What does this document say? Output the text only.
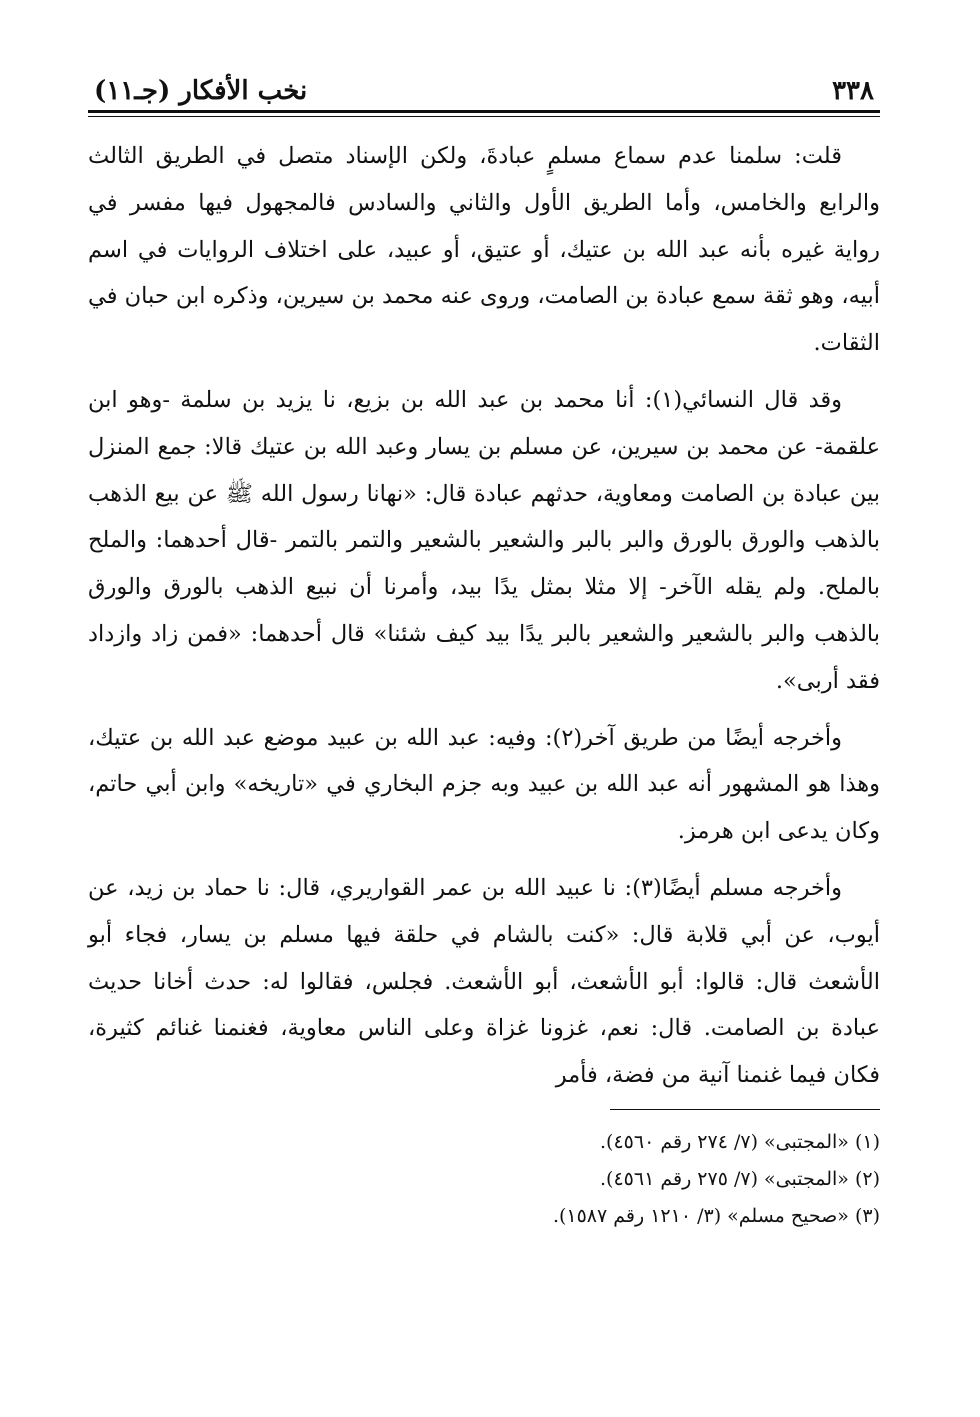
٣٣٨
نخب الأفكار (جـ١١)

قلت: سلمنا عدم سماع مسلمٍ عبادةَ، ولكن الإسناد متصل في الطريق الثالث والرابع والخامس، وأما الطريق الأول والثاني والسادس فالمجهول فيها مفسر في رواية غيره بأنه عبد الله بن عتيك، أو عتيق، أو عبيد، على اختلاف الروايات في اسم أبيه، وهو ثقة سمع عبادة بن الصامت، وروى عنه محمد بن سيرين، وذكره ابن حبان في الثقات.

وقد قال النسائي(١): أنا محمد بن عبد الله بن بزيع، نا يزيد بن سلمة -وهو ابن علقمة- عن محمد بن سيرين، عن مسلم بن يسار وعبد الله بن عتيك قالا: جمع المنزل بين عبادة بن الصامت ومعاوية، حدثهم عبادة قال: «نهانا رسول الله ﷺ عن بيع الذهب بالذهب والورق بالورق والبر بالبر والشعير بالشعير والتمر بالتمر -قال أحدهما: والملح بالملح. ولم يقله الآخر- إلا مثلا بمثل يدًا بيد، وأمرنا أن نبيع الذهب بالورق والورق بالذهب والبر بالشعير والشعير بالبر يدًا بيد كيف شئنا» قال أحدهما: «فمن زاد وازداد فقد أربى».

وأخرجه أيضًا من طريق آخر(٢): وفيه: عبد الله بن عبيد موضع عبد الله بن عتيك، وهذا هو المشهور أنه عبد الله بن عبيد وبه جزم البخاري في «تاريخه» وابن أبي حاتم، وكان يدعى ابن هرمز.

وأخرجه مسلم أيضًا(٣): نا عبيد الله بن عمر القواريري، قال: نا حماد بن زيد، عن أيوب، عن أبي قلابة قال: «كنت بالشام في حلقة فيها مسلم بن يسار، فجاء أبو الأشعث قال: قالوا: أبو الأشعث، أبو الأشعث. فجلس، فقالوا له: حدث أخانا حديث عبادة بن الصامت. قال: نعم، غزونا غزاة وعلى الناس معاوية، فغنمنا غنائم كثيرة، فكان فيما غنمنا آنية من فضة، فأمر

(١) «المجتبى» (٧/ ٢٧٤ رقم ٤٥٦٠).

(٢) «المجتبى» (٧/ ٢٧٥ رقم ٤٥٦١).

(٣) «صحيح مسلم» (٣/ ١٢١٠ رقم ١٥٨٧).
